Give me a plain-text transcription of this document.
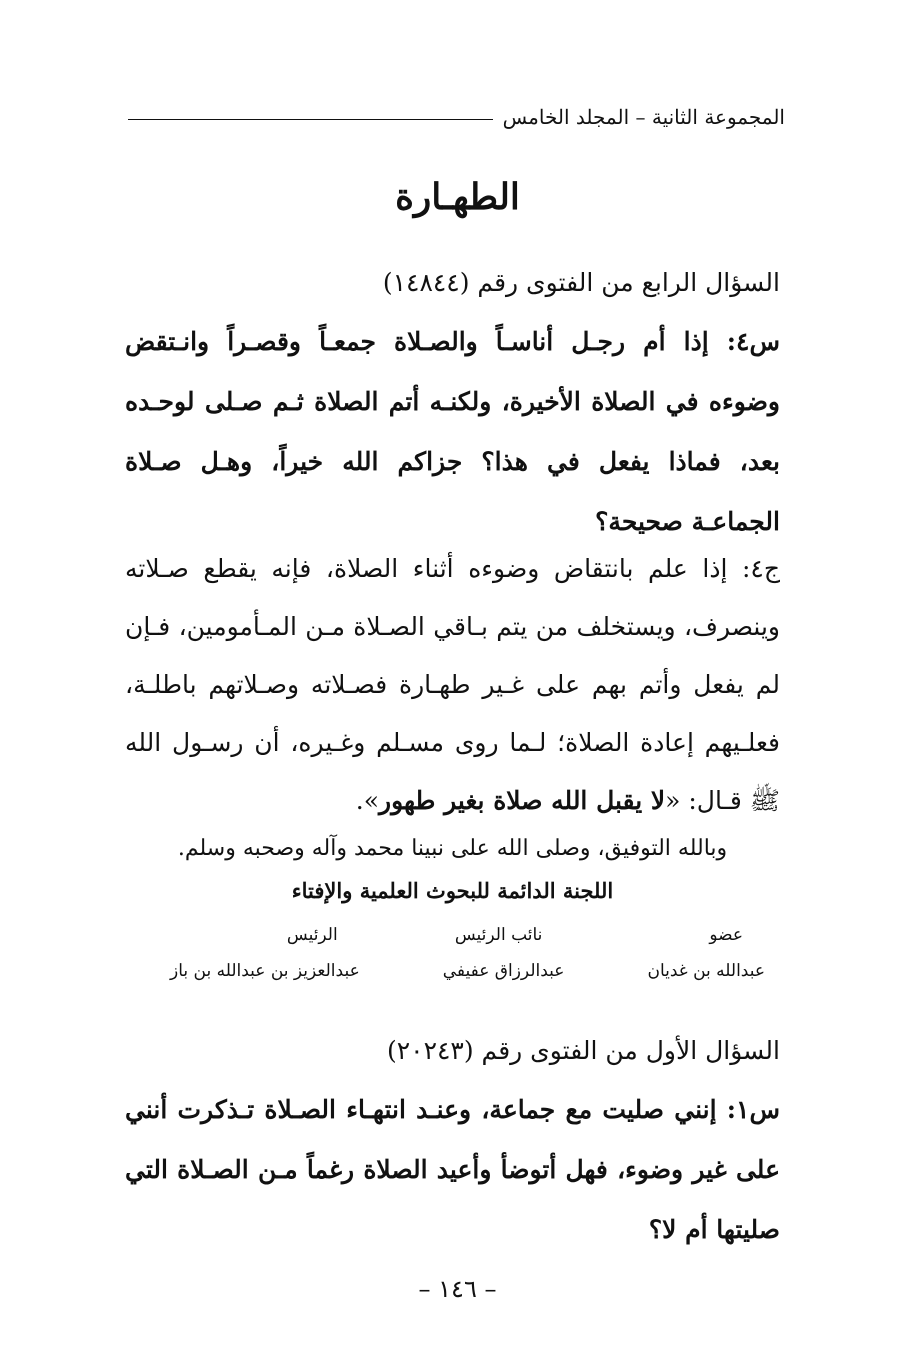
المجموعة الثانية – المجلد الخامس
الطهـارة
السؤال الرابع من الفتوى رقم (١٤٨٤٤)
س٤: إذا أم رجـل أناسـاً والصـلاة جمعـاً وقصـراً وانـتقض وضوءه في الصلاة الأخيرة، ولكنـه أتم الصلاة ثـم صـلى لوحـده بعد، فماذا يفعل في هذا؟ جزاكم الله خيراً، وهـل صـلاة الجماعـة صحيحة؟
ج٤: إذا علم بانتقاض وضوءه أثناء الصلاة، فإنه يقطع صـلاته وينصرف، ويستخلف من يتم بـاقي الصـلاة مـن المـأمومين، فـإن لم يفعل وأتم بهم على غـير طهـارة فصـلاته وصـلاتهم باطلـة، فعلـيهم إعادة الصلاة؛ لـما روى مسـلم وغـيره، أن رسـول الله ﷺ قـال: «لا يقبل الله صلاة بغير طهور».
وبالله التوفيق، وصلى الله على نبينا محمد وآله وصحبه وسلم.
اللجنة الدائمة للبحوث العلمية والإفتاء
عضو
عبدالله بن غديان
نائب الرئيس
عبدالرزاق عفيفي
الرئيس
عبدالعزيز بن عبدالله بن باز
السؤال الأول من الفتوى رقم (٢٠٢٤٣)
س١: إنني صليت مع جماعة، وعنـد انتهـاء الصـلاة تـذكرت أنني على غير وضوء، فهل أتوضأ وأعيد الصلاة رغماً مـن الصـلاة التي صليتها أم لا؟
– ١٤٦ –
